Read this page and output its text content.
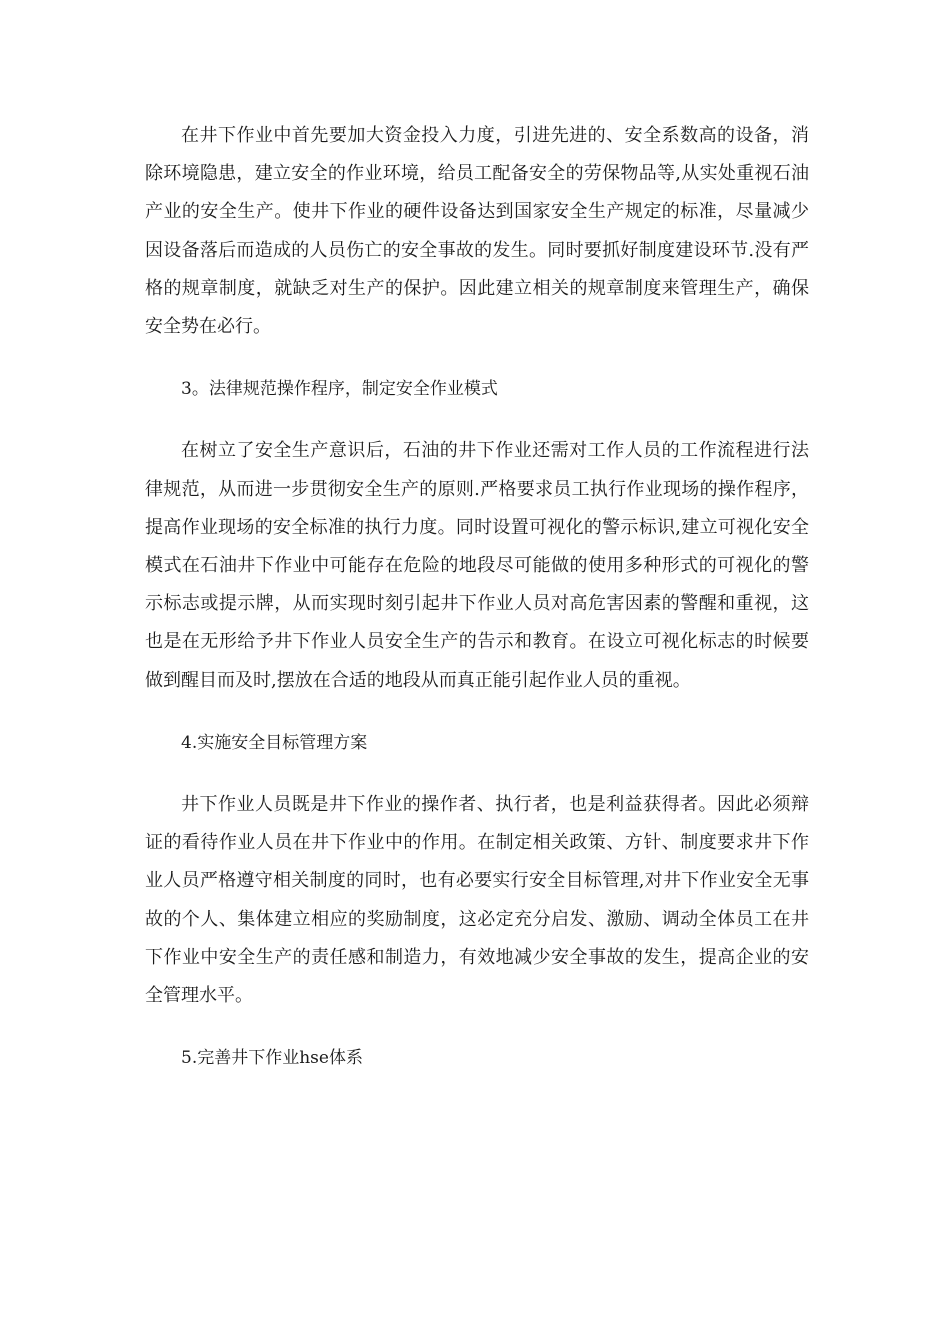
在井下作业中首先要加大资金投入力度，引进先进的、安全系数高的设备，消除环境隐患，建立安全的作业环境，给员工配备安全的劳保物品等,从实处重视石油产业的安全生产。使井下作业的硬件设备达到国家安全生产规定的标准，尽量减少因设备落后而造成的人员伤亡的安全事故的发生。同时要抓好制度建设环节.没有严格的规章制度，就缺乏对生产的保护。因此建立相关的规章制度来管理生产，确保安全势在必行。

3。法律规范操作程序，制定安全作业模式

在树立了安全生产意识后，石油的井下作业还需对工作人员的工作流程进行法律规范，从而进一步贯彻安全生产的原则.严格要求员工执行作业现场的操作程序，提高作业现场的安全标准的执行力度。同时设置可视化的警示标识,建立可视化安全模式在石油井下作业中可能存在危险的地段尽可能做的使用多种形式的可视化的警示标志或提示牌，从而实现时刻引起井下作业人员对高危害因素的警醒和重视，这也是在无形给予井下作业人员安全生产的告示和教育。在设立可视化标志的时候要做到醒目而及时,摆放在合适的地段从而真正能引起作业人员的重视。

4.实施安全目标管理方案

井下作业人员既是井下作业的操作者、执行者，也是利益获得者。因此必须辩证的看待作业人员在井下作业中的作用。在制定相关政策、方针、制度要求井下作业人员严格遵守相关制度的同时，也有必要实行安全目标管理,对井下作业安全无事故的个人、集体建立相应的奖励制度，这必定充分启发、激励、调动全体员工在井下作业中安全生产的责任感和制造力，有效地减少安全事故的发生，提高企业的安全管理水平。

5.完善井下作业hse体系
